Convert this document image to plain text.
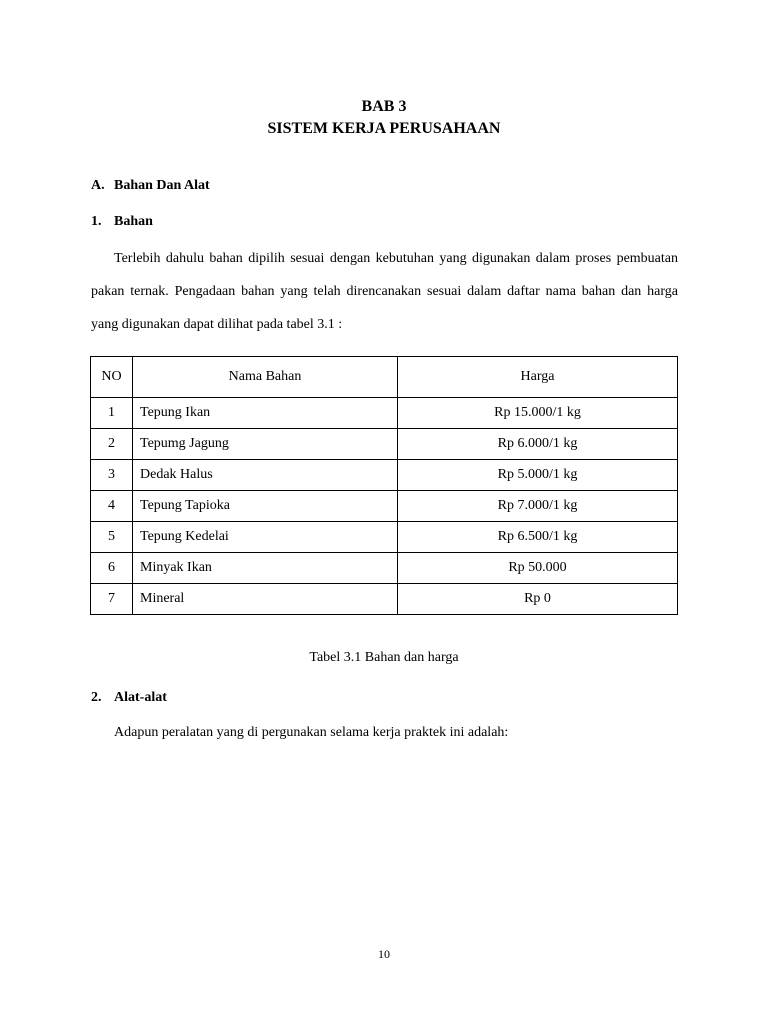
BAB 3
SISTEM KERJA PERUSAHAAN
A. Bahan Dan Alat
1. Bahan
Terlebih dahulu bahan dipilih sesuai dengan kebutuhan yang digunakan dalam proses pembuatan pakan ternak. Pengadaan bahan yang telah direncanakan sesuai dalam daftar nama bahan dan harga yang digunakan dapat dilihat pada tabel 3.1 :
NO	Nama Bahan	Harga
1	Tepung Ikan	Rp 15.000/1 kg
2	Tepumg Jagung	Rp 6.000/1 kg
3	Dedak Halus	Rp 5.000/1 kg
4	Tepung Tapioka	Rp 7.000/1 kg
5	Tepung Kedelai	Rp 6.500/1 kg
6	Minyak Ikan	Rp 50.000
7	Mineral	Rp 0
Tabel 3.1 Bahan dan harga
2. Alat-alat
Adapun peralatan yang di pergunakan selama kerja praktek ini adalah:
10
